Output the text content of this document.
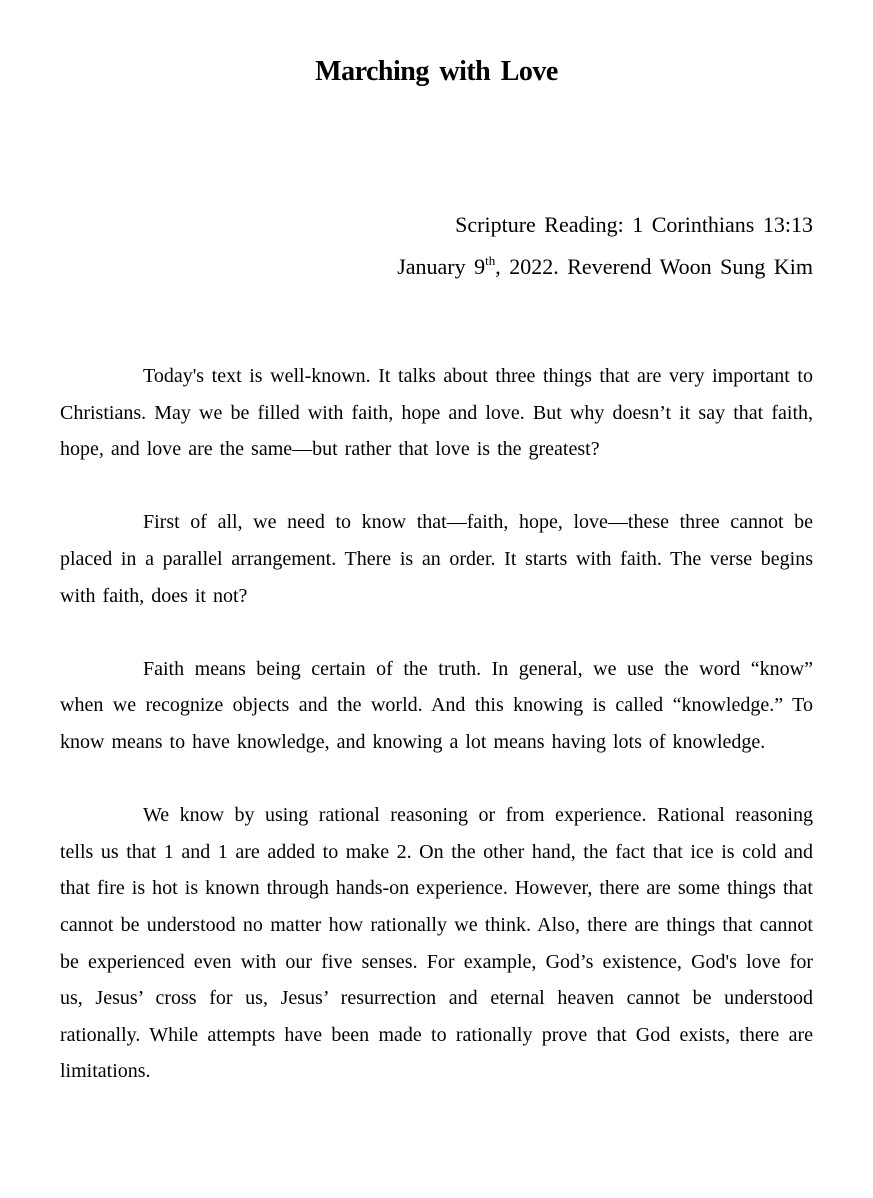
Marching with Love
Scripture Reading: 1 Corinthians 13:13
January 9th, 2022. Reverend Woon Sung Kim

Today's text is well-known. It talks about three things that are very important to Christians. May we be filled with faith, hope and love. But why doesn’t it say that faith, hope, and love are the same—but rather that love is the greatest?

First of all, we need to know that—faith, hope, love—these three cannot be placed in a parallel arrangement. There is an order. It starts with faith. The verse begins with faith, does it not?

Faith means being certain of the truth. In general, we use the word “know” when we recognize objects and the world. And this knowing is called “knowledge.” To know means to have knowledge, and knowing a lot means having lots of knowledge.

We know by using rational reasoning or from experience. Rational reasoning tells us that 1 and 1 are added to make 2. On the other hand, the fact that ice is cold and that fire is hot is known through hands-on experience. However, there are some things that cannot be understood no matter how rationally we think. Also, there are things that cannot be experienced even with our five senses. For example, God’s existence, God's love for us, Jesus’ cross for us, Jesus’ resurrection and eternal heaven cannot be understood rationally. While attempts have been made to rationally prove that God exists, there are limitations.
